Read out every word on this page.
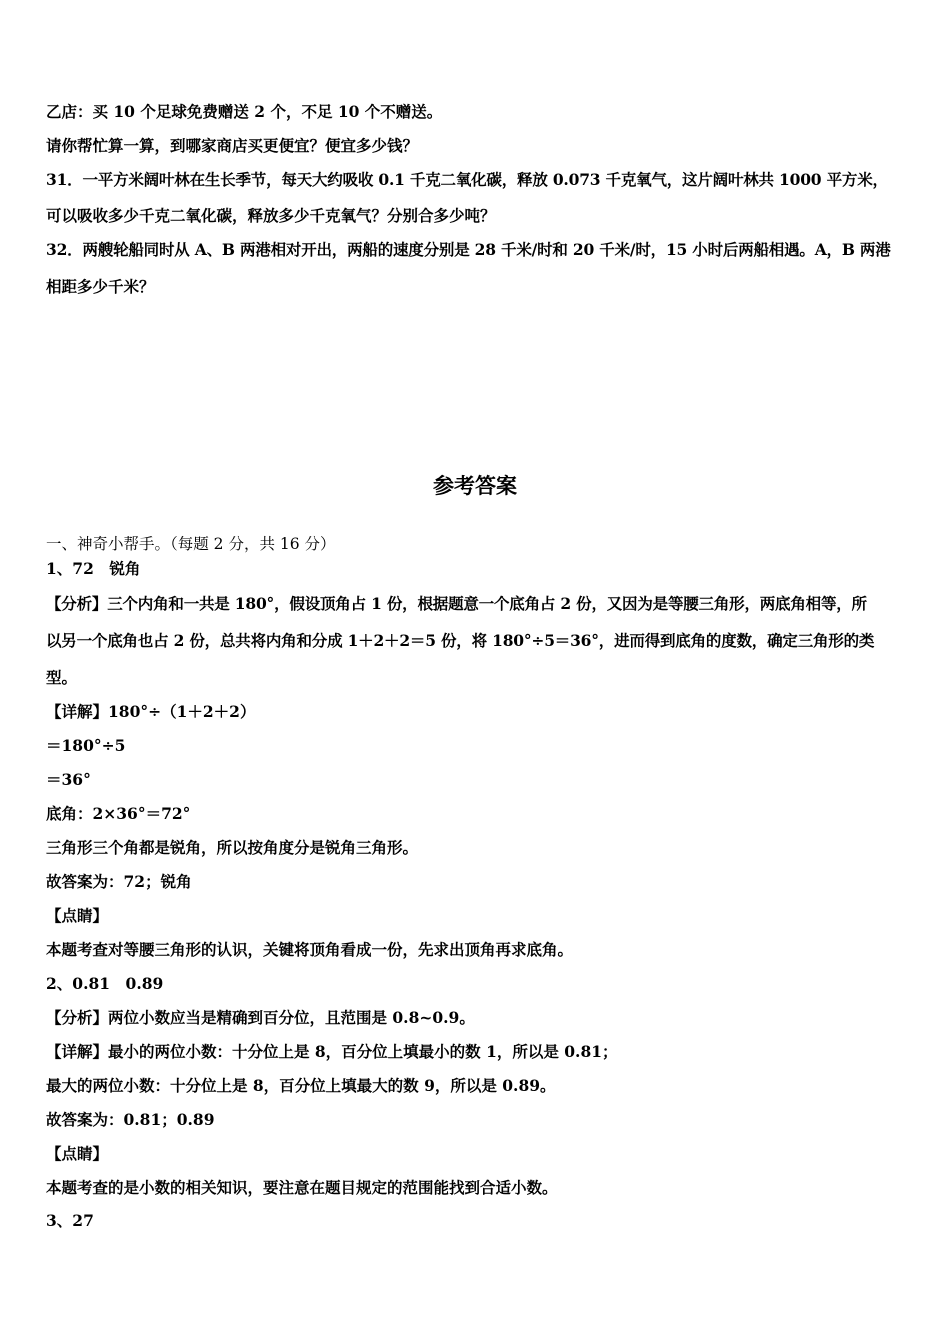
乙店：买 10 个足球免费赠送 2 个，不足 10 个不赠送。
请你帮忙算一算，到哪家商店买更便宜？便宜多少钱？
31．一平方米阔叶林在生长季节，每天大约吸收 0.1 千克二氧化碳，释放 0.073 千克氧气，这片阔叶林共 1000 平方米，
可以吸收多少千克二氧化碳，释放多少千克氧气？分别合多少吨？
32．两艘轮船同时从 A、B 两港相对开出，两船的速度分别是 28 千米/时和 20 千米/时，15 小时后两船相遇。A，B 两港
相距多少千米？
参考答案
一、神奇小帮手。（每题 2 分，共 16 分）
1、72　锐角
【分析】三个内角和一共是 180°，假设顶角占 1 份，根据题意一个底角占 2 份，又因为是等腰三角形，两底角相等，所
以另一个底角也占 2 份，总共将内角和分成 1＋2＋2＝5 份，将 180°÷5＝36°，进而得到底角的度数，确定三角形的类
型。
【详解】180°÷（1＋2＋2）
＝180°÷5
＝36°
底角：2×36°＝72°
三角形三个角都是锐角，所以按角度分是锐角三角形。
故答案为：72；锐角
【点睛】
本题考查对等腰三角形的认识，关键将顶角看成一份，先求出顶角再求底角。
2、0.81　0.89
【分析】两位小数应当是精确到百分位，且范围是 0.8~0.9。
【详解】最小的两位小数：十分位上是 8，百分位上填最小的数 1，所以是 0.81；
最大的两位小数：十分位上是 8，百分位上填最大的数 9，所以是 0.89。
故答案为：0.81；0.89
【点睛】
本题考查的是小数的相关知识，要注意在题目规定的范围能找到合适小数。
3、27
